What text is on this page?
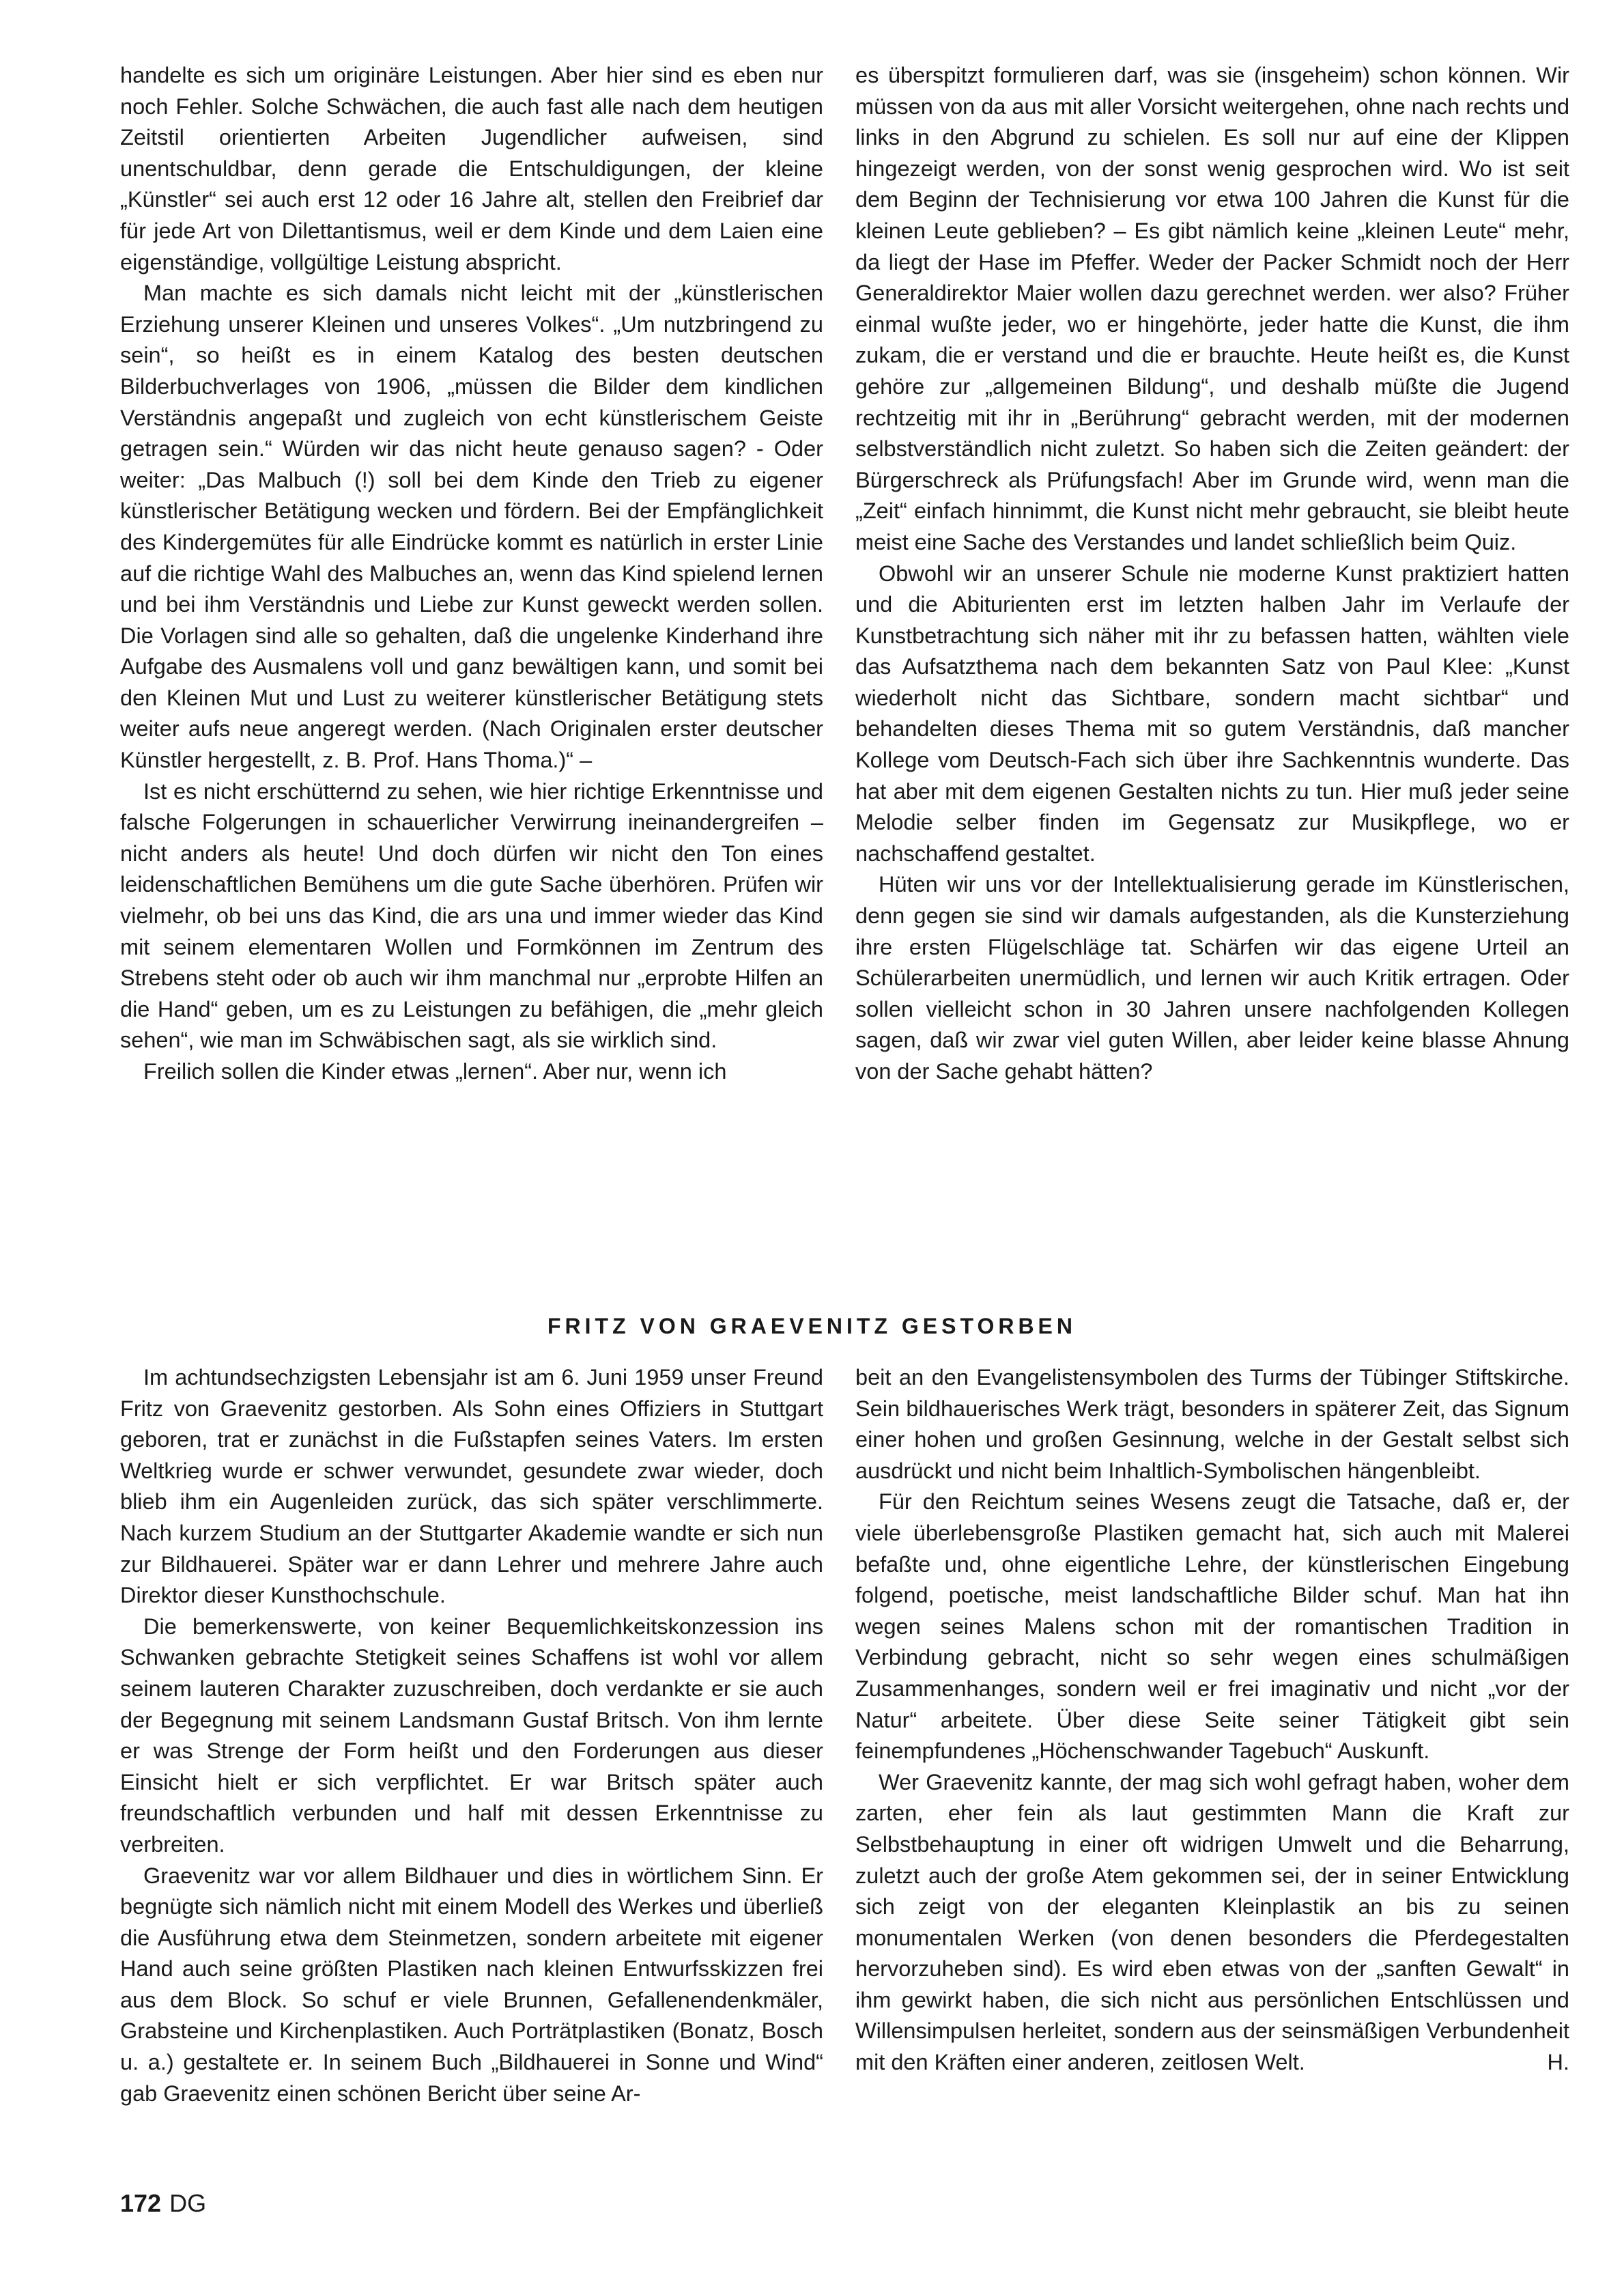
handelte es sich um originäre Leistungen. Aber hier sind es eben nur noch Fehler. Solche Schwächen, die auch fast alle nach dem heutigen Zeitstil orientierten Arbeiten Jugendlicher aufweisen, sind unentschuldbar, denn gerade die Entschuldigungen, der kleine „Künstler“ sei auch erst 12 oder 16 Jahre alt, stellen den Freibrief dar für jede Art von Dilettantismus, weil er dem Kinde und dem Laien eine eigenständige, vollgültige Leistung abspricht.

Man machte es sich damals nicht leicht mit der „künstlerischen Erziehung unserer Kleinen und unseres Volkes“. „Um nutzbringend zu sein“, so heißt es in einem Katalog des besten deutschen Bilderbuchverlages von 1906, „müssen die Bilder dem kindlichen Verständnis angepaßt und zugleich von echt künstlerischem Geiste getragen sein.“ Würden wir das nicht heute genauso sagen? - Oder weiter: „Das Malbuch (!) soll bei dem Kinde den Trieb zu eigener künstlerischer Betätigung wecken und fördern. Bei der Empfänglichkeit des Kindergemütes für alle Eindrücke kommt es natürlich in erster Linie auf die richtige Wahl des Malbuches an, wenn das Kind spielend lernen und bei ihm Verständnis und Liebe zur Kunst geweckt werden sollen. Die Vorlagen sind alle so gehalten, daß die ungelenke Kinderhand ihre Aufgabe des Ausmalens voll und ganz bewältigen kann, und somit bei den Kleinen Mut und Lust zu weiterer künstlerischer Betätigung stets weiter aufs neue angeregt werden. (Nach Originalen erster deutscher Künstler hergestellt, z. B. Prof. Hans Thoma.)“ –

Ist es nicht erschütternd zu sehen, wie hier richtige Erkenntnisse und falsche Folgerungen in schauerlicher Verwirrung ineinandergreifen – nicht anders als heute! Und doch dürfen wir nicht den Ton eines leidenschaftlichen Bemühens um die gute Sache überhören. Prüfen wir vielmehr, ob bei uns das Kind, die ars una und immer wieder das Kind mit seinem elementaren Wollen und Formkönnen im Zentrum des Strebens steht oder ob auch wir ihm manchmal nur „erprobte Hilfen an die Hand“ geben, um es zu Leistungen zu befähigen, die „mehr gleich sehen“, wie man im Schwäbischen sagt, als sie wirklich sind.

Freilich sollen die Kinder etwas „lernen“. Aber nur, wenn ich

es überspitzt formulieren darf, was sie (insgeheim) schon können. Wir müssen von da aus mit aller Vorsicht weitergehen, ohne nach rechts und links in den Abgrund zu schielen. Es soll nur auf eine der Klippen hingezeigt werden, von der sonst wenig gesprochen wird. Wo ist seit dem Beginn der Technisierung vor etwa 100 Jahren die Kunst für die kleinen Leute geblieben? – Es gibt nämlich keine „kleinen Leute“ mehr, da liegt der Hase im Pfeffer. Weder der Packer Schmidt noch der Herr Generaldirektor Maier wollen dazu gerechnet werden. wer also? Früher einmal wußte jeder, wo er hingehörte, jeder hatte die Kunst, die ihm zukam, die er verstand und die er brauchte. Heute heißt es, die Kunst gehöre zur „allgemeinen Bildung“, und deshalb müßte die Jugend rechtzeitig mit ihr in „Berührung“ gebracht werden, mit der modernen selbstverständlich nicht zuletzt. So haben sich die Zeiten geändert: der Bürgerschreck als Prüfungsfach! Aber im Grunde wird, wenn man die „Zeit“ einfach hinnimmt, die Kunst nicht mehr gebraucht, sie bleibt heute meist eine Sache des Verstandes und landet schließlich beim Quiz.

Obwohl wir an unserer Schule nie moderne Kunst praktiziert hatten und die Abiturienten erst im letzten halben Jahr im Verlaufe der Kunstbetrachtung sich näher mit ihr zu befassen hatten, wählten viele das Aufsatzthema nach dem bekannten Satz von Paul Klee: „Kunst wiederholt nicht das Sichtbare, sondern macht sichtbar“ und behandelten dieses Thema mit so gutem Verständnis, daß mancher Kollege vom Deutsch-Fach sich über ihre Sachkenntnis wunderte. Das hat aber mit dem eigenen Gestalten nichts zu tun. Hier muß jeder seine Melodie selber finden im Gegensatz zur Musikpflege, wo er nachschaffend gestaltet.

Hüten wir uns vor der Intellektualisierung gerade im Künstlerischen, denn gegen sie sind wir damals aufgestanden, als die Kunsterziehung ihre ersten Flügelschläge tat. Schärfen wir das eigene Urteil an Schülerarbeiten unermüdlich, und lernen wir auch Kritik ertragen. Oder sollen vielleicht schon in 30 Jahren unsere nachfolgenden Kollegen sagen, daß wir zwar viel guten Willen, aber leider keine blasse Ahnung von der Sache gehabt hätten?

FRITZ VON GRAEVENITZ GESTORBEN

Im achtundsechzigsten Lebensjahr ist am 6. Juni 1959 unser Freund Fritz von Graevenitz gestorben. Als Sohn eines Offiziers in Stuttgart geboren, trat er zunächst in die Fußstapfen seines Vaters. Im ersten Weltkrieg wurde er schwer verwundet, gesundete zwar wieder, doch blieb ihm ein Augenleiden zurück, das sich später verschlimmerte. Nach kurzem Studium an der Stuttgarter Akademie wandte er sich nun zur Bildhauerei. Später war er dann Lehrer und mehrere Jahre auch Direktor dieser Kunsthochschule.

Die bemerkenswerte, von keiner Bequemlichkeitskonzession ins Schwanken gebrachte Stetigkeit seines Schaffens ist wohl vor allem seinem lauteren Charakter zuzuschreiben, doch verdankte er sie auch der Begegnung mit seinem Landsmann Gustaf Britsch. Von ihm lernte er was Strenge der Form heißt und den Forderungen aus dieser Einsicht hielt er sich verpflichtet. Er war Britsch später auch freundschaftlich verbunden und half mit dessen Erkenntnisse zu verbreiten.

Graevenitz war vor allem Bildhauer und dies in wörtlichem Sinn. Er begnügte sich nämlich nicht mit einem Modell des Werkes und überließ die Ausführung etwa dem Steinmetzen, sondern arbeitete mit eigener Hand auch seine größten Plastiken nach kleinen Entwurfsskizzen frei aus dem Block. So schuf er viele Brunnen, Gefallenendenkmäler, Grabsteine und Kirchenplastiken. Auch Porträtplastiken (Bonatz, Bosch u. a.) gestaltete er. In seinem Buch „Bildhauerei in Sonne und Wind“ gab Graevenitz einen schönen Bericht über seine Ar-

beit an den Evangelistensymbolen des Turms der Tübinger Stiftskirche. Sein bildhauerisches Werk trägt, besonders in späterer Zeit, das Signum einer hohen und großen Gesinnung, welche in der Gestalt selbst sich ausdrückt und nicht beim Inhaltlich-Symbolischen hängenbleibt.

Für den Reichtum seines Wesens zeugt die Tatsache, daß er, der viele überlebensgroße Plastiken gemacht hat, sich auch mit Malerei befaßte und, ohne eigentliche Lehre, der künstlerischen Eingebung folgend, poetische, meist landschaftliche Bilder schuf. Man hat ihn wegen seines Malens schon mit der romantischen Tradition in Verbindung gebracht, nicht so sehr wegen eines schulmäßigen Zusammenhanges, sondern weil er frei imaginativ und nicht „vor der Natur“ arbeitete. Über diese Seite seiner Tätigkeit gibt sein feinempfundenes „Höchenschwander Tagebuch“ Auskunft.

Wer Graevenitz kannte, der mag sich wohl gefragt haben, woher dem zarten, eher fein als laut gestimmten Mann die Kraft zur Selbstbehauptung in einer oft widrigen Umwelt und die Beharrung, zuletzt auch der große Atem gekommen sei, der in seiner Entwicklung sich zeigt von der eleganten Kleinplastik an bis zu seinen monumentalen Werken (von denen besonders die Pferdegestalten hervorzuheben sind). Es wird eben etwas von der „sanften Gewalt“ in ihm gewirkt haben, die sich nicht aus persönlichen Entschlüssen und Willensimpulsen herleitet, sondern aus der seinsmäßigen Verbundenheit mit den Kräften einer anderen, zeitlosen Welt.	H.

172 DG
